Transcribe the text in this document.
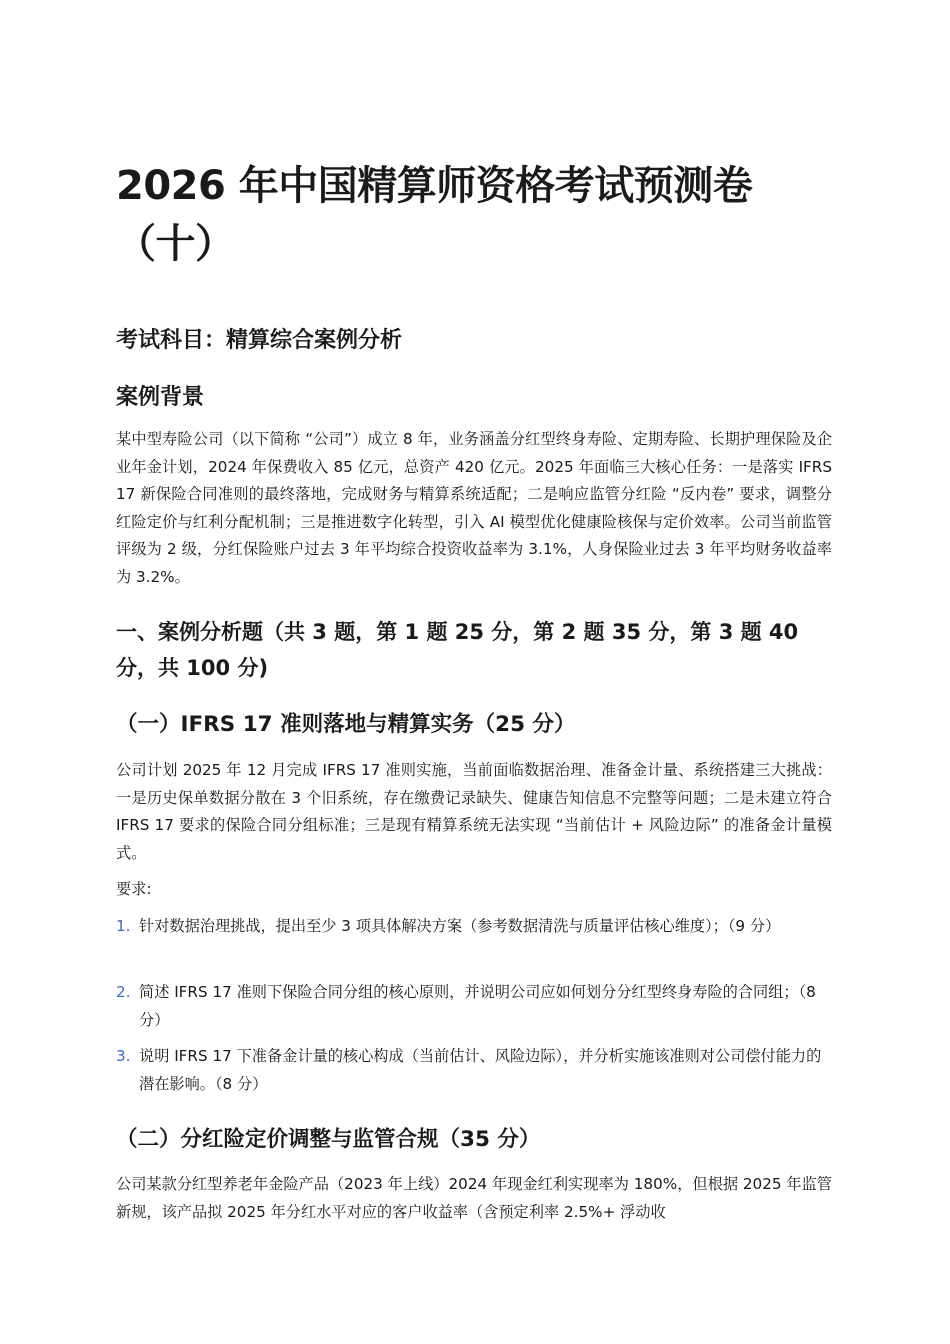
2026 年中国精算师资格考试预测卷（十）
考试科目：精算综合案例分析
案例背景

某中型寿险公司（以下简称 “公司”）成立 8 年，业务涵盖分红型终身寿险、定期寿险、长期护理保险及企业年金计划，2024 年保费收入 85 亿元，总资产 420 亿元。2025 年面临三大核心任务：一是落实 IFRS 17 新保险合同准则的最终落地，完成财务与精算系统适配；二是响应监管分红险 “反内卷” 要求，调整分红险定价与红利分配机制；三是推进数字化转型，引入 AI 模型优化健康险核保与定价效率。公司当前监管评级为 2 级，分红保险账户过去 3 年平均综合投资收益率为 3.1%，人身保险业过去 3 年平均财务收益率为 3.2%。

一、案例分析题（共 3 题，第 1 题 25 分，第 2 题 35 分，第 3 题 40 分，共 100 分)
（一）IFRS 17 准则落地与精算实务（25 分）

公司计划 2025 年 12 月完成 IFRS 17 准则实施，当前面临数据治理、准备金计量、系统搭建三大挑战：一是历史保单数据分散在 3 个旧系统，存在缴费记录缺失、健康告知信息不完整等问题；二是未建立符合 IFRS 17 要求的保险合同分组标准；三是现有精算系统无法实现 “当前估计 + 风险边际” 的准备金计量模式。

要求:

1. 针对数据治理挑战，提出至少 3 项具体解决方案（参考数据清洗与质量评估核心维度）；（9 分）
2. 简述 IFRS 17 准则下保险合同分组的核心原则，并说明公司应如何划分分红型终身寿险的合同组；（8 分）
3. 说明 IFRS 17 下准备金计量的核心构成（当前估计、风险边际），并分析实施该准则对公司偿付能力的潜在影响。（8 分）
（二）分红险定价调整与监管合规（35 分）

公司某款分红型养老年金险产品（2023 年上线）2024 年现金红利实现率为 180%，但根据 2025 年监管新规，该产品拟 2025 年分红水平对应的客户收益率（含预定利率 2.5%+ 浮动收
